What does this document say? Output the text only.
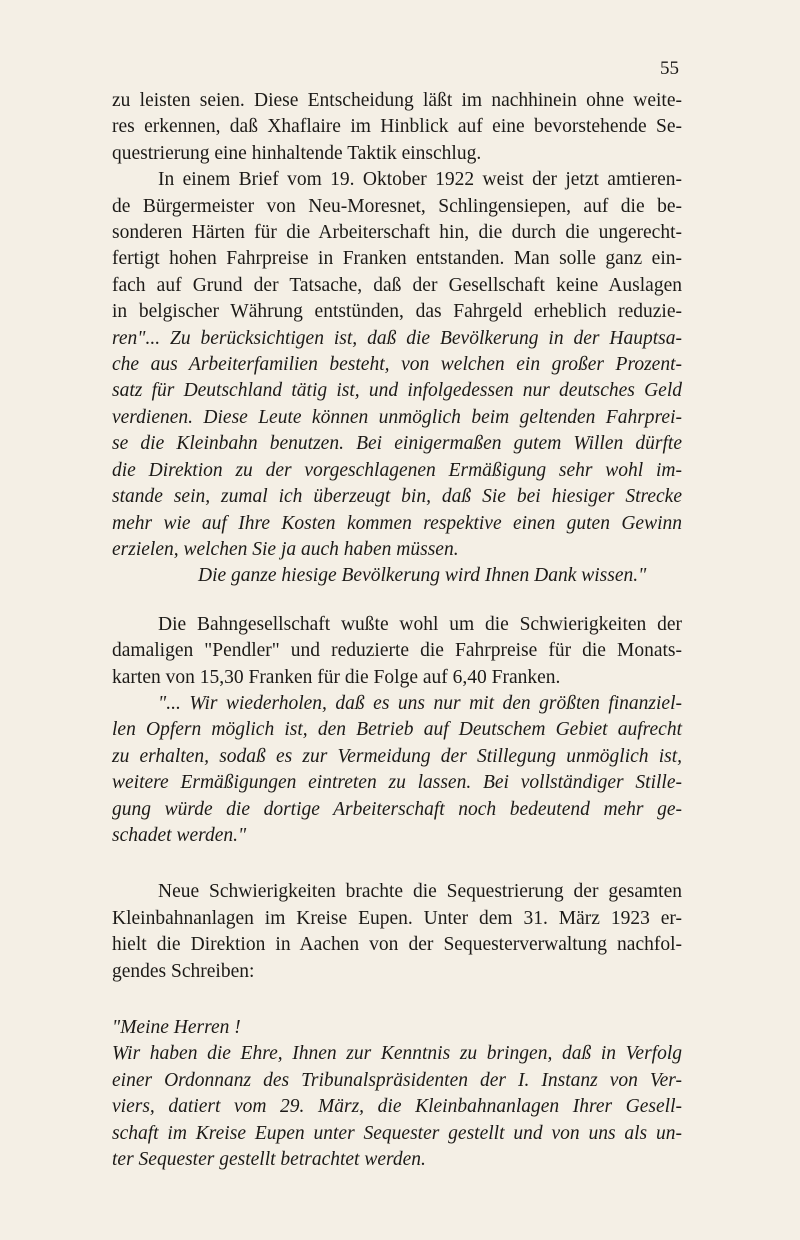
55
zu leisten seien. Diese Entscheidung läßt im nachhinein ohne weite-
res erkennen, daß Xhaflaire im Hinblick auf eine bevorstehende Se-
questrierung eine hinhaltende Taktik einschlug.
In einem Brief vom 19. Oktober 1922 weist der jetzt amtieren-
de Bürgermeister von Neu-Moresnet, Schlingensiepen, auf die be-
sonderen Härten für die Arbeiterschaft hin, die durch die ungerecht-
fertigt hohen Fahrpreise in Franken entstanden. Man solle ganz ein-
fach auf Grund der Tatsache, daß der Gesellschaft keine Auslagen
in belgischer Währung entstünden, das Fahrgeld erheblich reduzie-
ren"... Zu berücksichtigen ist, daß die Bevölkerung in der Hauptsa-
che aus Arbeiterfamilien besteht, von welchen ein großer Prozent-
satz für Deutschland tätig ist, und infolgedessen nur deutsches Geld
verdienen. Diese Leute können unmöglich beim geltenden Fahrprei-
se die Kleinbahn benutzen. Bei einigermaßen gutem Willen dürfte
die Direktion zu der vorgeschlagenen Ermäßigung sehr wohl im-
stande sein, zumal ich überzeugt bin, daß Sie bei hiesiger Strecke
mehr wie auf Ihre Kosten kommen respektive einen guten Gewinn
erzielen, welchen Sie ja auch haben müssen.
Die ganze hiesige Bevölkerung wird Ihnen Dank wissen."
Die Bahngesellschaft wußte wohl um die Schwierigkeiten der
damaligen "Pendler" und reduzierte die Fahrpreise für die Monats-
karten von 15,30 Franken für die Folge auf 6,40 Franken.
"... Wir wiederholen, daß es uns nur mit den größten finanziel-
len Opfern möglich ist, den Betrieb auf Deutschem Gebiet aufrecht
zu erhalten, sodaß es zur Vermeidung der Stillegung unmöglich ist,
weitere Ermäßigungen eintreten zu lassen. Bei vollständiger Stille-
gung würde die dortige Arbeiterschaft noch bedeutend mehr ge-
schadet werden."
Neue Schwierigkeiten brachte die Sequestrierung der gesamten
Kleinbahnanlagen im Kreise Eupen. Unter dem 31. März 1923 er-
hielt die Direktion in Aachen von der Sequesterverwaltung nachfol-
gendes Schreiben:
"Meine Herren !
Wir haben die Ehre, Ihnen zur Kenntnis zu bringen, daß in Verfolg
einer Ordonnanz des Tribunalspräsidenten der I. Instanz von Ver-
viers, datiert vom 29. März, die Kleinbahnanlagen Ihrer Gesell-
schaft im Kreise Eupen unter Sequester gestellt und von uns als un-
ter Sequester gestellt betrachtet werden.
